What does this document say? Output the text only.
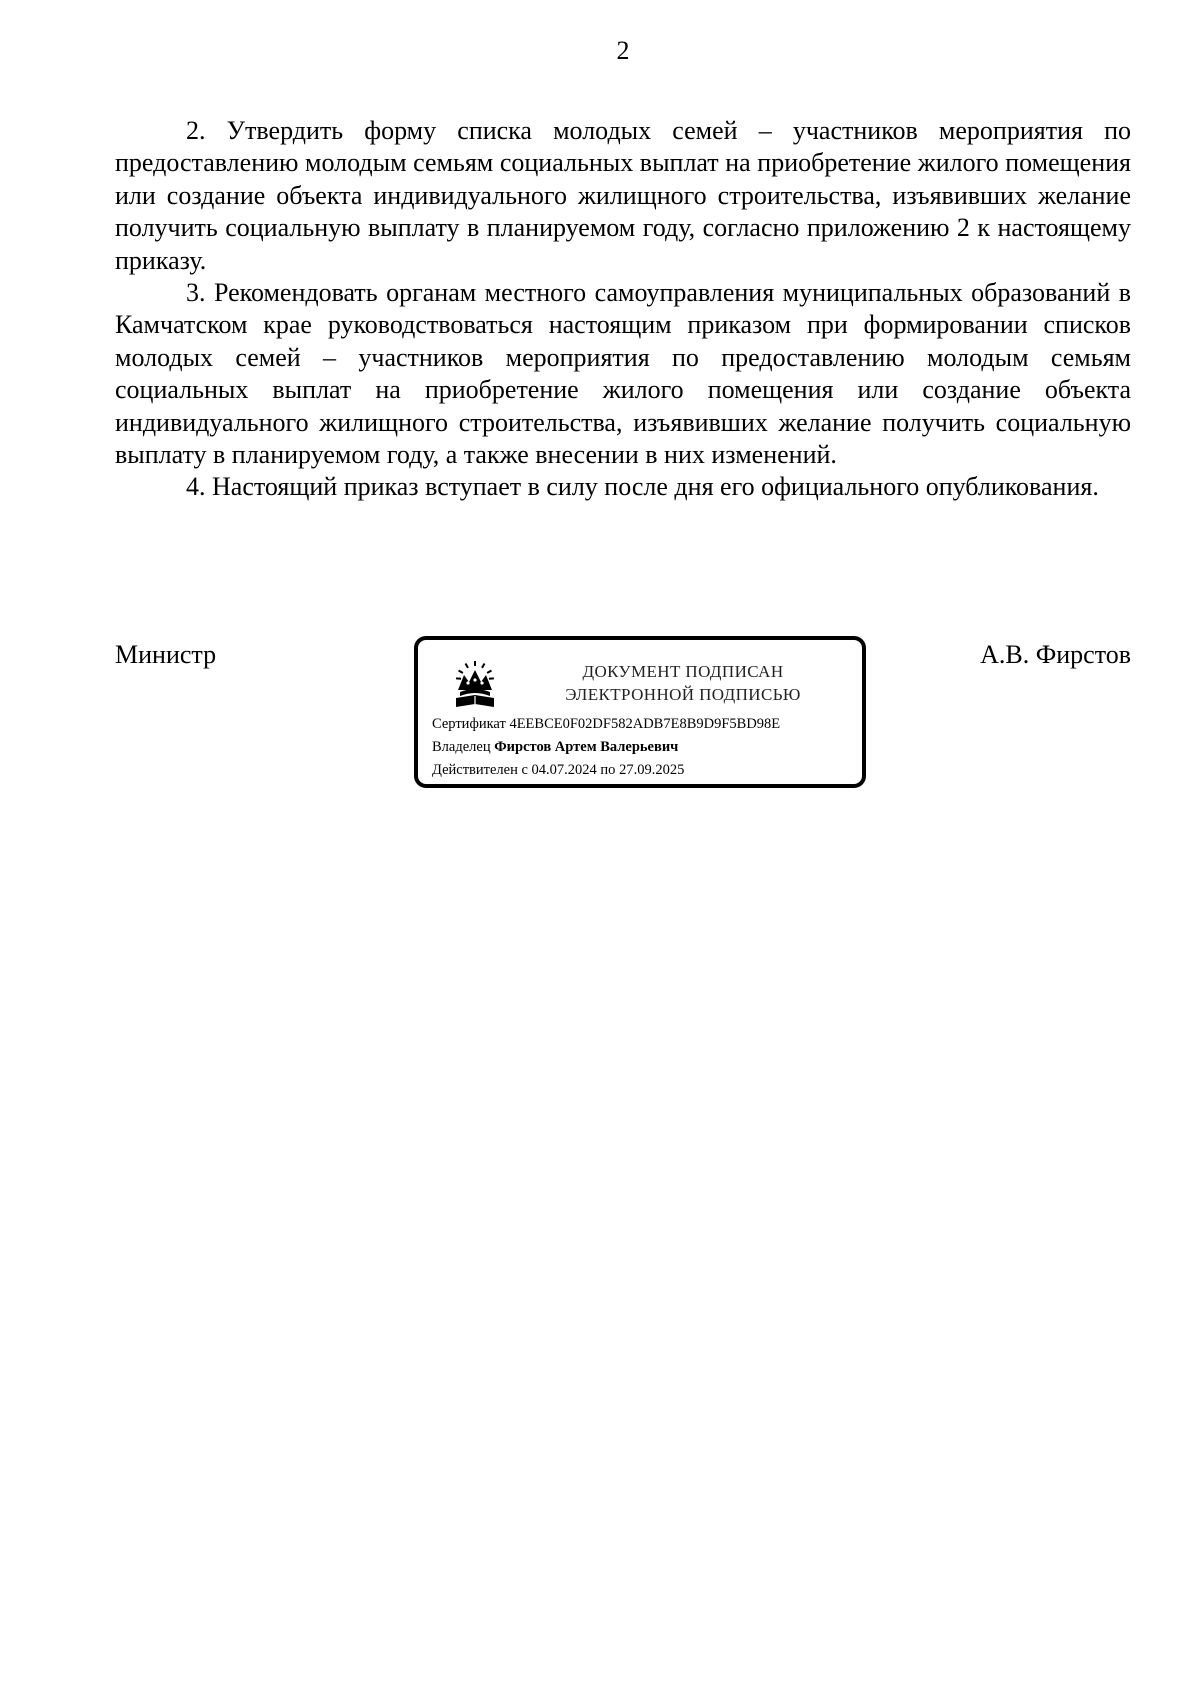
2

2. Утвердить форму списка молодых семей – участников мероприятия по предоставлению молодым семьям социальных выплат на приобретение жилого помещения или создание объекта индивидуального жилищного строительства, изъявивших желание получить социальную выплату в планируемом году, согласно приложению 2 к настоящему приказу.

3. Рекомендовать органам местного самоуправления муниципальных образований в Камчатском крае руководствоваться настоящим приказом при формировании списков молодых семей – участников мероприятия по предоставлению молодым семьям социальных выплат на приобретение жилого помещения или создание объекта индивидуального жилищного строительства, изъявивших желание получить социальную выплату в планируемом году, а также внесении в них изменений.

4. Настоящий приказ вступает в силу после дня его официального опубликования.

Министр
ДОКУМЕНТ ПОДПИСАН
ЭЛЕКТРОННОЙ ПОДПИСЬЮ
Сертификат 4EEBCE0F02DF582ADB7E8B9D9F5BD98E
Владелец Фирстов Артем Валерьевич
Действителен с 04.07.2024 по 27.09.2025
А.В. Фирстов
